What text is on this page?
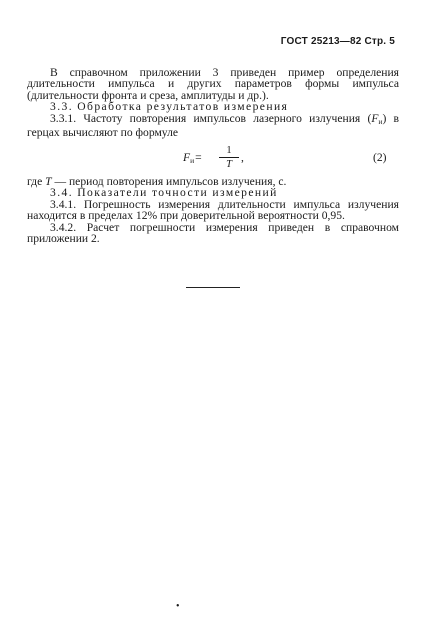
ГОСТ 25213—82 Стр. 5

В справочном приложении 3 приведен пример определения длительности импульса и других параметров формы импульса (длительности фронта и среза, амплитуды и др.).

3.3. Обработка результатов измерения

3.3.1. Частоту повторения импульсов лазерного излучения $(F_и)$ в герцах вычисляют по формуле

$F_и=$
1
T
,	(2)

где T — период повторения импульсов излучения, с.

3.4. Показатели точности измерений

3.4.1. Погрешность измерения длительности импульса излучения находится в пределах 12% при доверительной вероятности 0,95.

3.4.2. Расчет погрешности измерения приведен в справочном приложении 2.

•
